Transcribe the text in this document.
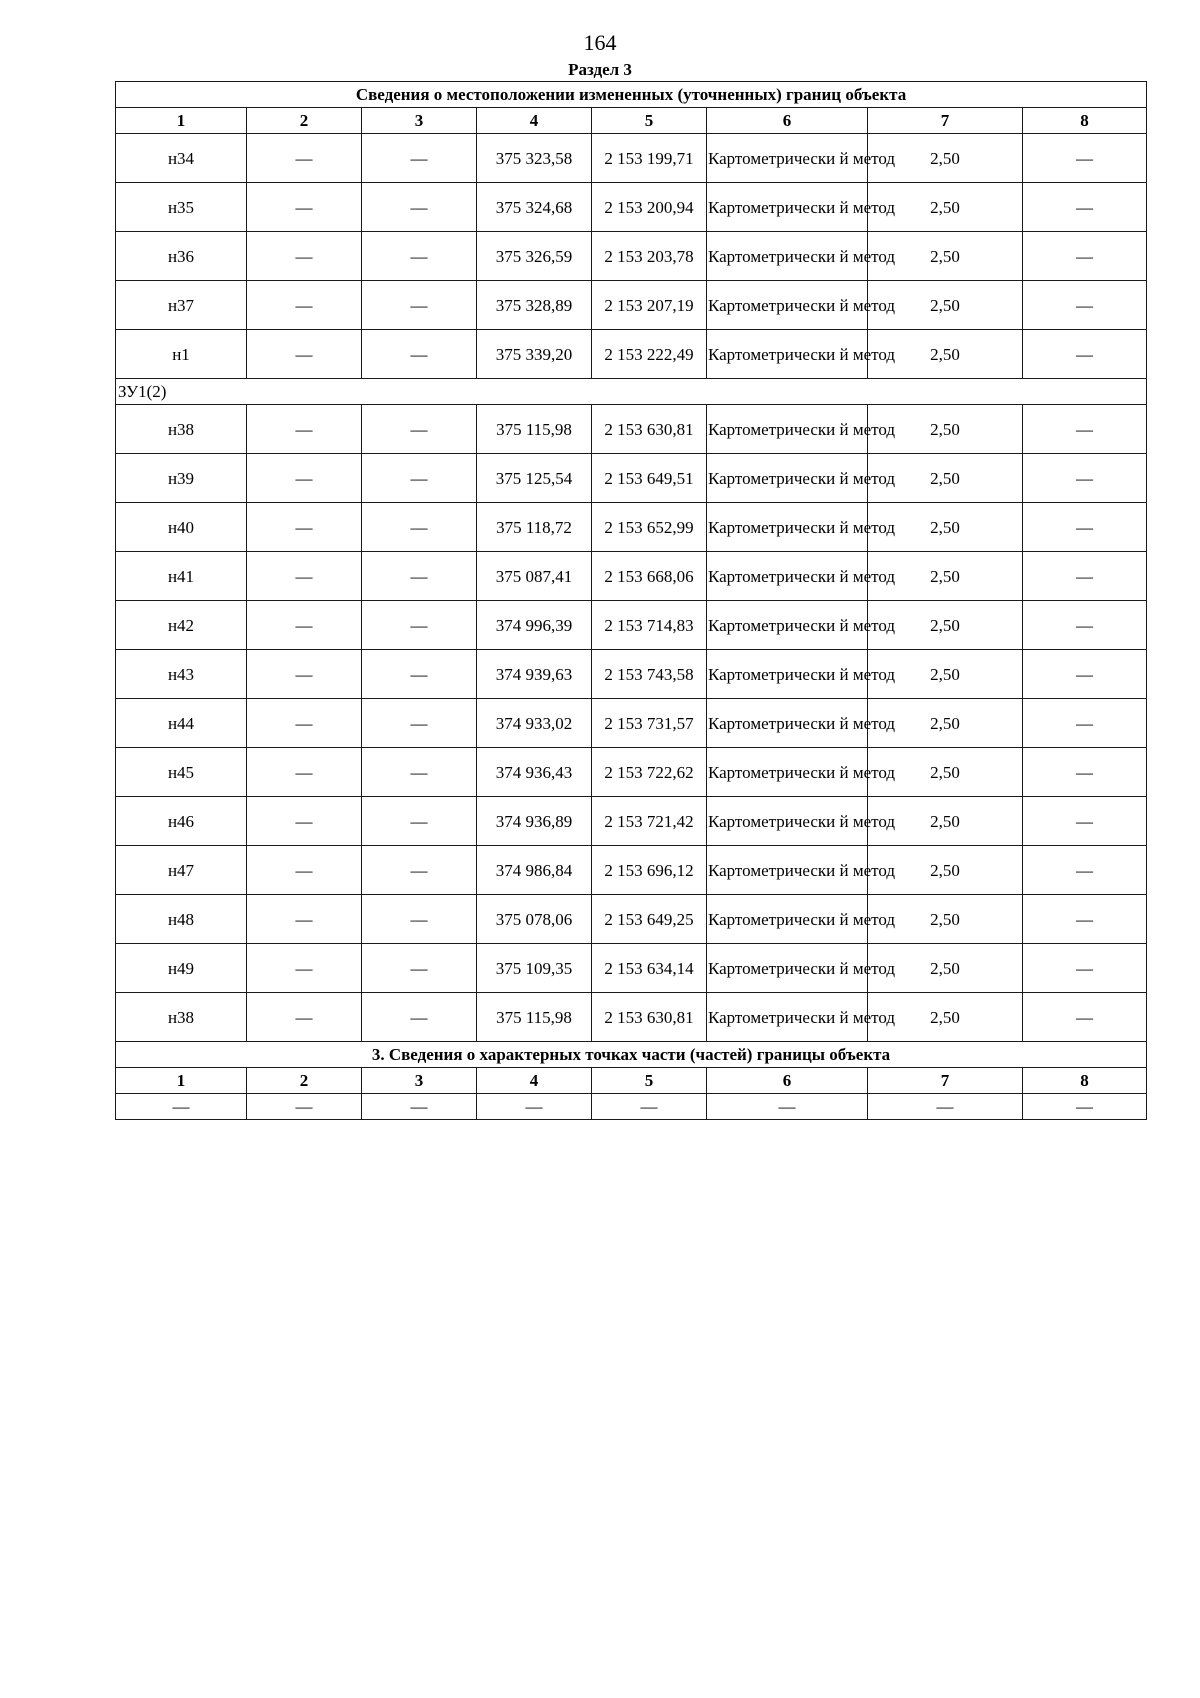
164
Раздел 3
Сведения о местоположении измененных (уточненных) границ объекта							
1	2	3	4	5	6	7	8
н34	—	—	375 323,58	2 153 199,71	Картометрически й метод	2,50	—
н35	—	—	375 324,68	2 153 200,94	Картометрически й метод	2,50	—
н36	—	—	375 326,59	2 153 203,78	Картометрически й метод	2,50	—
н37	—	—	375 328,89	2 153 207,19	Картометрически й метод	2,50	—
н1	—	—	375 339,20	2 153 222,49	Картометрически й метод	2,50	—
ЗУ1(2)							
н38	—	—	375 115,98	2 153 630,81	Картометрически й метод	2,50	—
н39	—	—	375 125,54	2 153 649,51	Картометрически й метод	2,50	—
н40	—	—	375 118,72	2 153 652,99	Картометрически й метод	2,50	—
н41	—	—	375 087,41	2 153 668,06	Картометрически й метод	2,50	—
н42	—	—	374 996,39	2 153 714,83	Картометрически й метод	2,50	—
н43	—	—	374 939,63	2 153 743,58	Картометрически й метод	2,50	—
н44	—	—	374 933,02	2 153 731,57	Картометрически й метод	2,50	—
н45	—	—	374 936,43	2 153 722,62	Картометрически й метод	2,50	—
н46	—	—	374 936,89	2 153 721,42	Картометрически й метод	2,50	—
н47	—	—	374 986,84	2 153 696,12	Картометрически й метод	2,50	—
н48	—	—	375 078,06	2 153 649,25	Картометрически й метод	2,50	—
н49	—	—	375 109,35	2 153 634,14	Картометрически й метод	2,50	—
н38	—	—	375 115,98	2 153 630,81	Картометрически й метод	2,50	—
3. Сведения о характерных точках части (частей) границы объекта							
1	2	3	4	5	6	7	8
—	—	—	—	—	—	—	—
